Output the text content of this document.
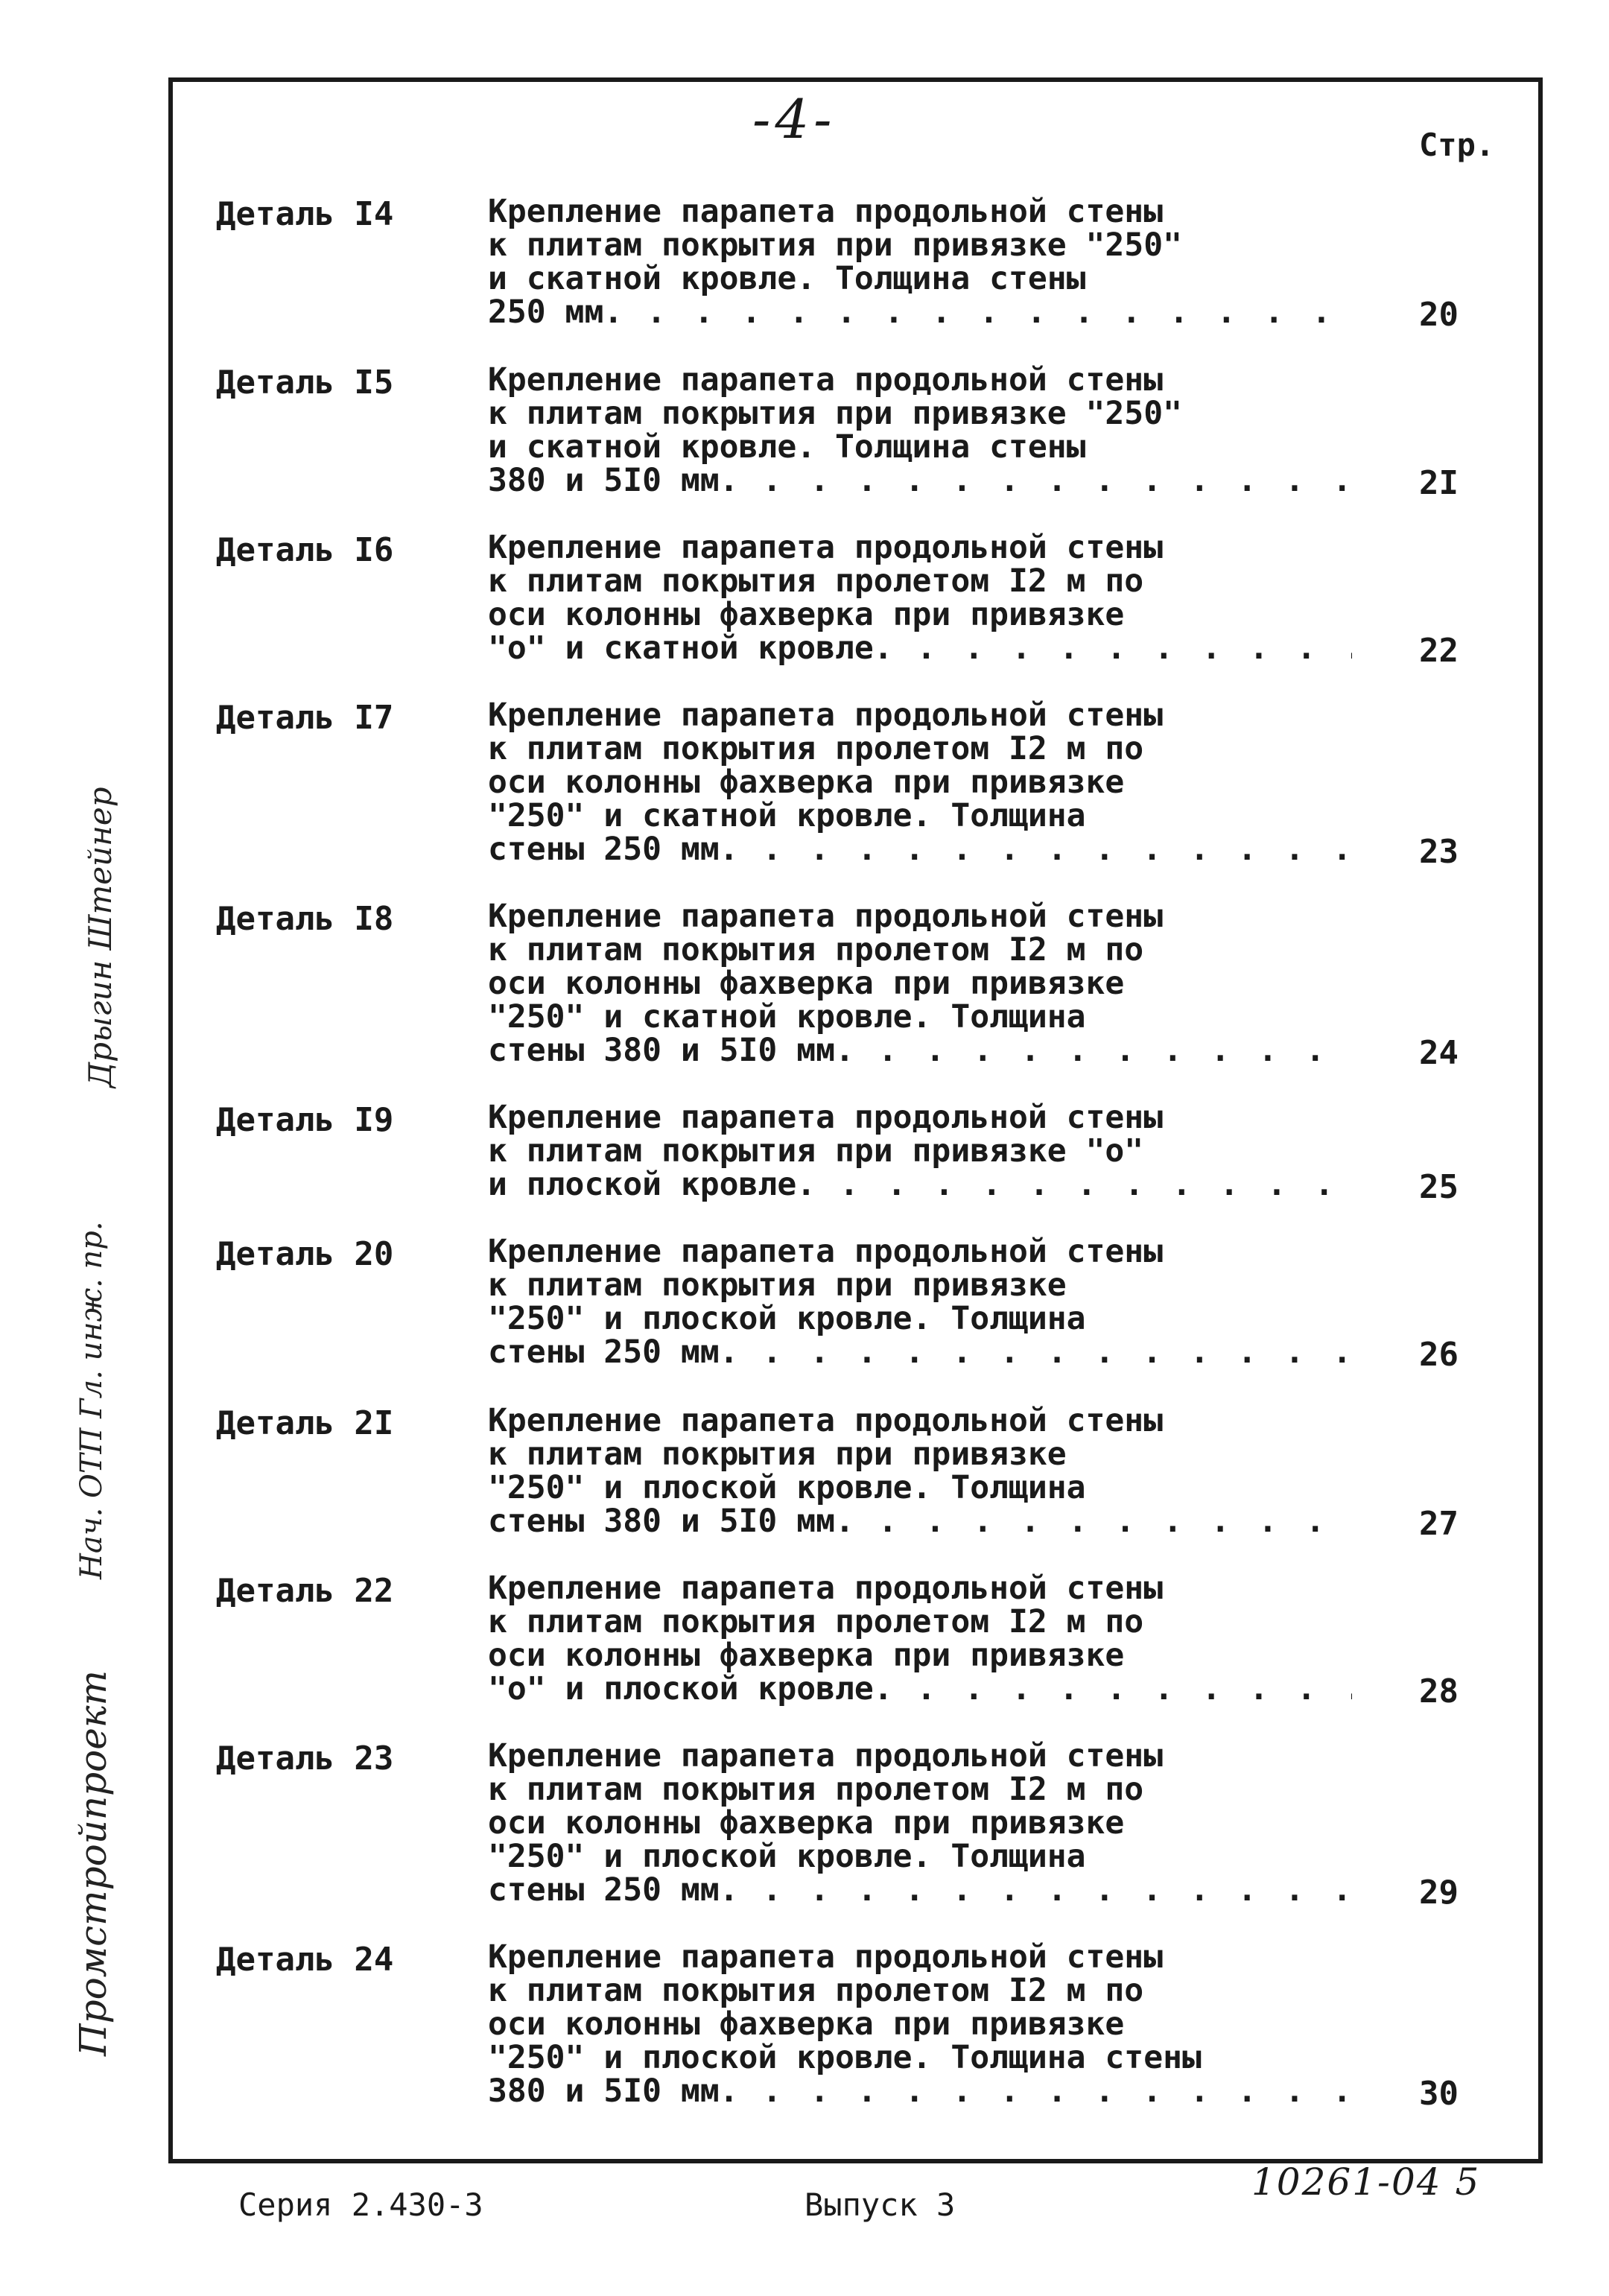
-4-	Стр.
Деталь I4	Крепление парапета продольной стены
к плитам покрытия при привязке "250"
и скатной кровле. Толщина стены
250 мм. . . .	20
Деталь I5	Крепление парапета продольной стены
к плитам покрытия при привязке "250"
и скатной кровле. Толщина стены
380 и 5I0 мм. . . .	2I
Деталь I6	Крепление парапета продольной стены
к плитам покрытия пролетом I2 м по
оси колонны фахверка при привязке
"о" и скатной кровле. . . .	22
Деталь I7	Крепление парапета продольной стены
к плитам покрытия пролетом I2 м по
оси колонны фахверка при привязке
"250" и скатной кровле. Толщина
стены 250 мм. . . .	23
Деталь I8	Крепление парапета продольной стены
к плитам покрытия пролетом I2 м по
оси колонны фахверка при привязке
"250" и скатной кровле. Толщина
стены 380 и 5I0 мм. . . .	24
Деталь I9	Крепление парапета продольной стены
к плитам покрытия при привязке "о"
и плоской кровле. . . .	25
Деталь 20	Крепление парапета продольной стены
к плитам покрытия при привязке
"250" и плоской кровле. Толщина
стены 250 мм. . . .	26
Деталь 2I	Крепление парапета продольной стены
к плитам покрытия при привязке
"250" и плоской кровле. Толщина
стены 380 и 5I0 мм. . . .	27
Деталь 22	Крепление парапета продольной стены
к плитам покрытия пролетом I2 м по
оси колонны фахверка при привязке
"о" и плоской кровле. . . .	28
Деталь 23	Крепление парапета продольной стены
к плитам покрытия пролетом I2 м по
оси колонны фахверка при привязке
"250" и плоской кровле. Толщина
стены 250 мм. . . .	29
Деталь 24	Крепление парапета продольной стены
к плитам покрытия пролетом I2 м по
оси колонны фахверка при привязке
"250" и плоской кровле. Толщина стены
380 и 5I0 мм. . . .	30
Промстройпроект
Нач. ОТП Гл. инж. пр.
Дрыгин Штейнер
Серия 2.430-3	Выпуск 3
10261-04 5
